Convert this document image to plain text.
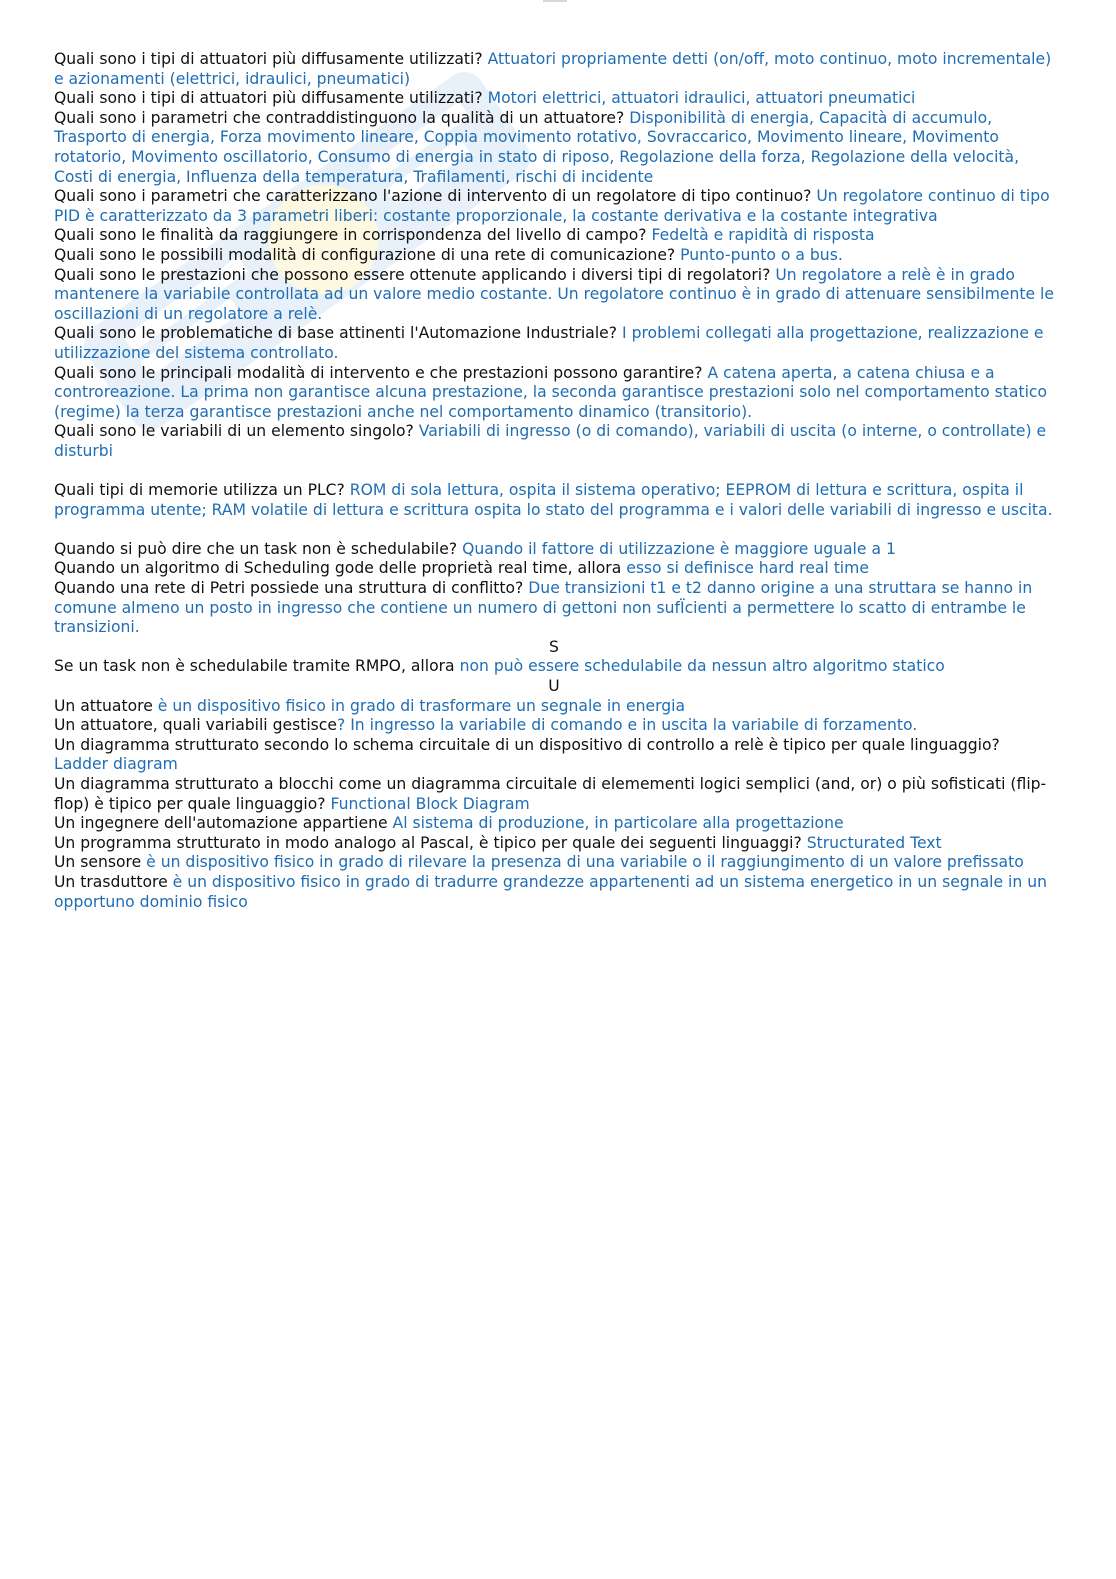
Quali sono i tipi di attuatori più diffusamente utilizzati? Attuatori propriamente detti (on/off, moto continuo, moto incrementale) e azionamenti (elettrici, idraulici, pneumatici)

Quali sono i tipi di attuatori più diffusamente utilizzati? Motori elettrici, attuatori idraulici, attuatori pneumatici

Quali sono i parametri che contraddistinguono la qualità di un attuatore? Disponibilità di energia, Capacità di accumulo, Trasporto di energia, Forza movimento lineare, Coppia movimento rotativo, Sovraccarico, Movimento lineare, Movimento rotatorio, Movimento oscillatorio, Consumo di energia in stato di riposo, Regolazione della forza, Regolazione della velocità, Costi di energia, Influenza della temperatura, Trafilamenti, rischi di incidente

Quali sono i parametri che caratterizzano l'azione di intervento di un regolatore di tipo continuo? Un regolatore continuo di tipo PID è caratterizzato da 3 parametri liberi: costante proporzionale, la costante derivativa e la costante integrativa

Quali sono le finalità da raggiungere in corrispondenza del livello di campo? Fedeltà e rapidità di risposta

Quali sono le possibili modalità di configurazione di una rete di comunicazione? Punto-punto o a bus.

Quali sono le prestazioni che possono essere ottenute applicando i diversi tipi di regolatori? Un regolatore a relè è in grado mantenere la variabile controllata ad un valore medio costante. Un regolatore continuo è in grado di attenuare sensibilmente le oscillazioni di un regolatore a relè.

Quali sono le problematiche di base attinenti l'Automazione Industriale? I problemi collegati alla progettazione, realizzazione e utilizzazione del sistema controllato.

Quali sono le principali modalità di intervento e che prestazioni possono garantire? A catena aperta, a catena chiusa e a controreazione. La prima non garantisce alcuna prestazione, la seconda garantisce prestazioni solo nel comportamento statico (regime) la terza garantisce prestazioni anche nel comportamento dinamico (transitorio).

Quali sono le variabili di un elemento singolo? Variabili di ingresso (o di comando), variabili di uscita (o interne, o controllate) e disturbi

Quali tipi di memorie utilizza un PLC? ROM di sola lettura, ospita il sistema operativo; EEPROM di lettura e scrittura, ospita il programma utente; RAM volatile di lettura e scrittura ospita lo stato del programma e i valori delle variabili di ingresso e uscita.

Quando si può dire che un task non è schedulabile? Quando il fattore di utilizzazione è maggiore uguale a 1

Quando un algoritmo di Scheduling gode delle proprietà real time, allora esso si definisce hard real time

Quando una rete di Petri possiede una struttura di conflitto? Due transizioni t1 e t2 danno origine a una struttara se hanno in comune almeno un posto in ingresso che contiene un numero di gettoni non sufÏcienti a permettere lo scatto di entrambe le transizioni.

S

Se un task non è schedulabile tramite RMPO, allora non può essere schedulabile da nessun altro algoritmo statico

U

Un attuatore è un dispositivo fisico in grado di trasformare un segnale in energia

Un attuatore, quali variabili gestisce? In ingresso la variabile di comando e in uscita la variabile di forzamento.

Un diagramma strutturato secondo lo schema circuitale di un dispositivo di controllo a relè è tipico per quale linguaggio? Ladder diagram

Un diagramma strutturato a blocchi come un diagramma circuitale di elemementi logici semplici (and, or) o più sofisticati (flip-flop) è tipico per quale linguaggio? Functional Block Diagram

Un ingegnere dell'automazione appartiene Al sistema di produzione, in particolare alla progettazione

Un programma strutturato in modo analogo al Pascal, è tipico per quale dei seguenti linguaggi? Structurated Text

Un sensore è un dispositivo fisico in grado di rilevare la presenza di una variabile o il raggiungimento di un valore prefissato

Un trasduttore è un dispositivo fisico in grado di tradurre grandezze appartenenti ad un sistema energetico in un segnale in un opportuno dominio fisico
